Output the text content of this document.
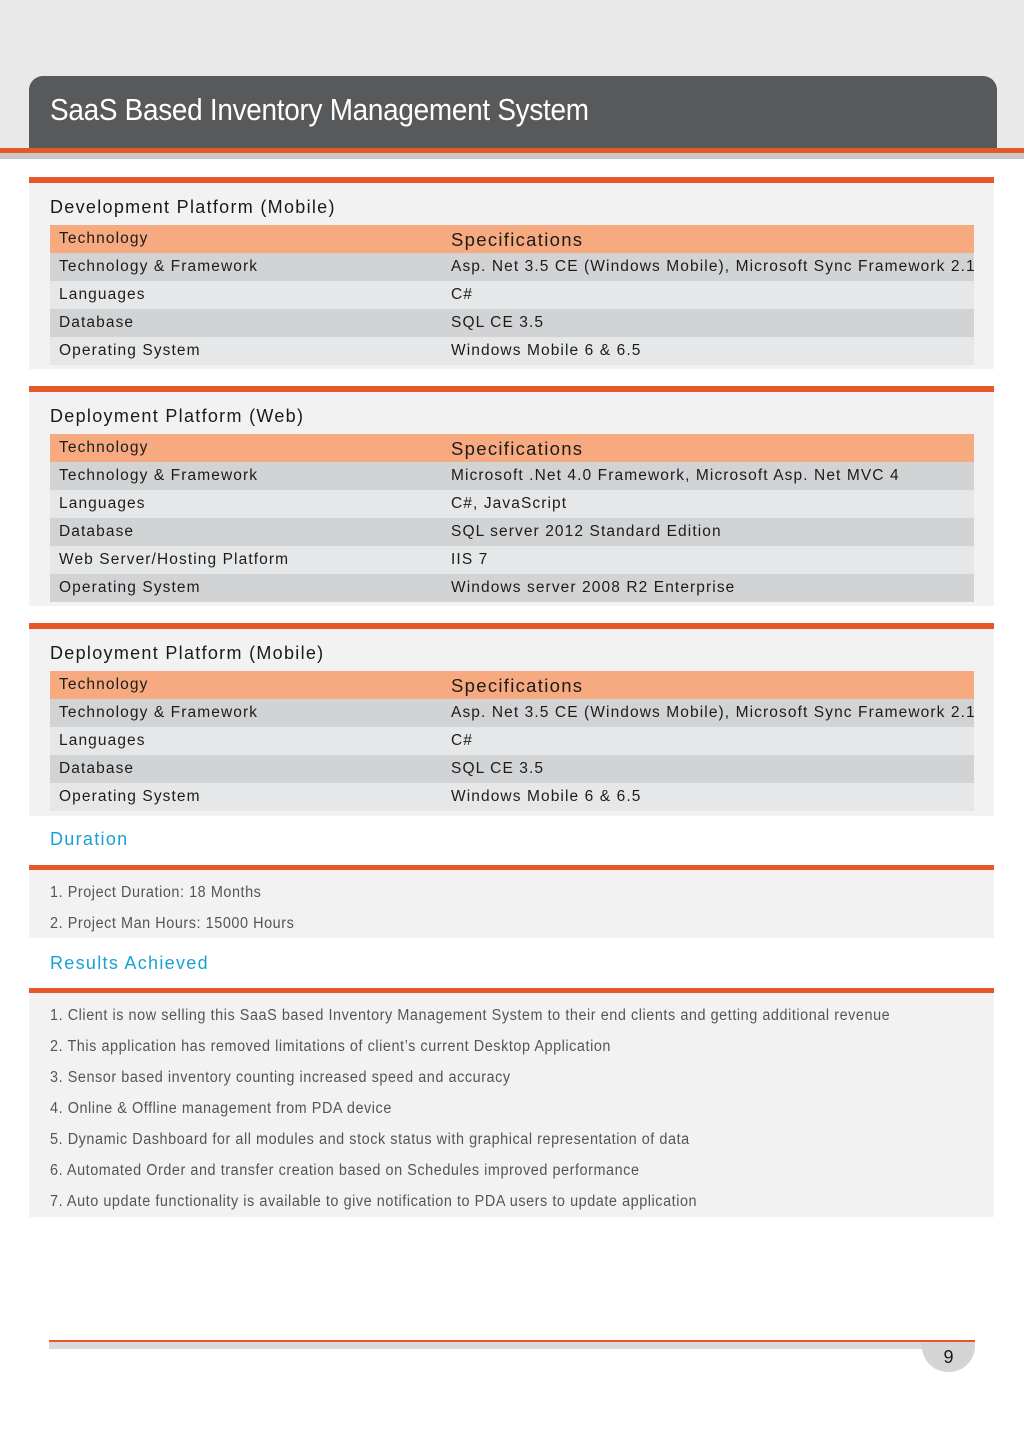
SaaS Based Inventory Management System
Development Platform (Mobile)
Technology	Specifications
Technology & Framework	Asp. Net 3.5 CE (Windows Mobile), Microsoft Sync Framework 2.1
Languages	C#
Database	SQL CE 3.5
Operating System	Windows Mobile 6 & 6.5
Deployment Platform (Web)
Technology	Specifications
Technology & Framework	Microsoft .Net 4.0 Framework, Microsoft Asp. Net MVC 4
Languages	C#, JavaScript
Database	SQL server 2012 Standard Edition
Web Server/Hosting Platform	IIS 7
Operating System	Windows server 2008 R2 Enterprise
Deployment Platform (Mobile)
Technology	Specifications
Technology & Framework	Asp. Net 3.5 CE (Windows Mobile), Microsoft Sync Framework 2.1
Languages	C#
Database	SQL CE 3.5
Operating System	Windows Mobile 6 & 6.5
Duration
1. Project Duration: 18 Months
2. Project Man Hours: 15000 Hours
Results Achieved
1. Client is now selling this SaaS based Inventory Management System to their end clients and getting additional revenue
2. This application has removed limitations of client’s current Desktop Application
3. Sensor based inventory counting increased speed and accuracy
4. Online & Offline management from PDA device
5. Dynamic Dashboard for all modules and stock status with graphical representation of data
6. Automated Order and transfer creation based on Schedules improved performance
7. Auto update functionality is available to give notification to PDA users to update application
9
